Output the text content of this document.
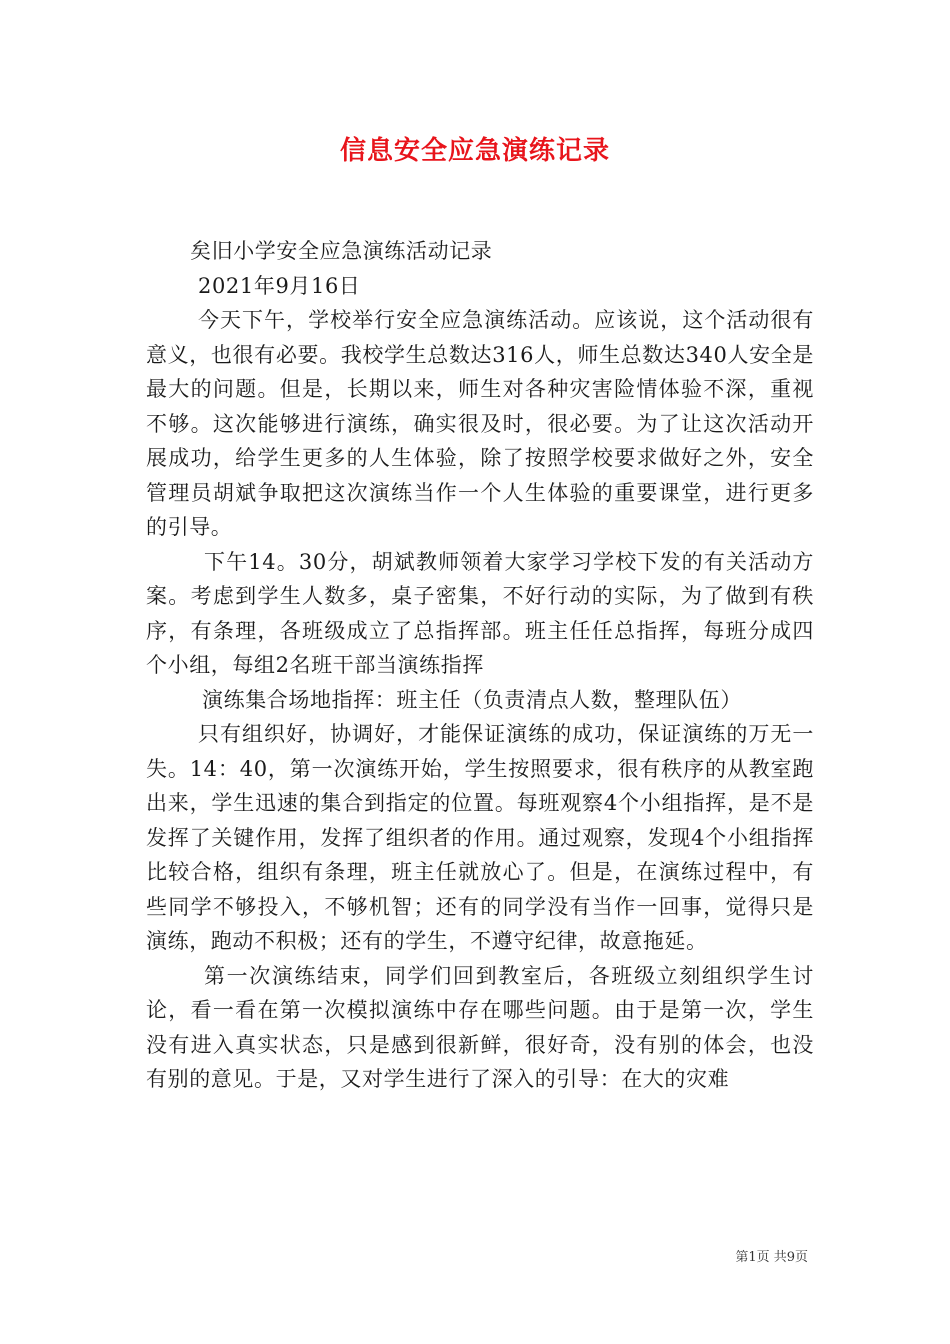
信息安全应急演练记录

矣旧小学安全应急演练活动记录

2021年9月16日

今天下午，学校举行安全应急演练活动。应该说，这个活动很有意义，也很有必要。我校学生总数达316人，师生总数达340人安全是最大的问题。但是，长期以来，师生对各种灾害险情体验不深，重视不够。这次能够进行演练，确实很及时，很必要。为了让这次活动开展成功，给学生更多的人生体验，除了按照学校要求做好之外，安全管理员胡斌争取把这次演练当作一个人生体验的重要课堂，进行更多的引导。

下午14。30分，胡斌教师领着大家学习学校下发的有关活动方案。考虑到学生人数多，桌子密集，不好行动的实际，为了做到有秩序，有条理，各班级成立了总指挥部。班主任任总指挥，每班分成四个小组，每组2名班干部当演练指挥

演练集合场地指挥：班主任（负责清点人数，整理队伍）

只有组织好，协调好，才能保证演练的成功，保证演练的万无一失。14：40，第一次演练开始，学生按照要求，很有秩序的从教室跑出来，学生迅速的集合到指定的位置。每班观察4个小组指挥，是不是发挥了关键作用，发挥了组织者的作用。通过观察，发现4个小组指挥比较合格，组织有条理，班主任就放心了。但是，在演练过程中，有些同学不够投入，不够机智；还有的同学没有当作一回事，觉得只是演练，跑动不积极；还有的学生，不遵守纪律，故意拖延。

第一次演练结束，同学们回到教室后，各班级立刻组织学生讨论，看一看在第一次模拟演练中存在哪些问题。由于是第一次，学生没有进入真实状态，只是感到很新鲜，很好奇，没有别的体会，也没有别的意见。于是，又对学生进行了深入的引导：在大的灾难

第1页 共9页
